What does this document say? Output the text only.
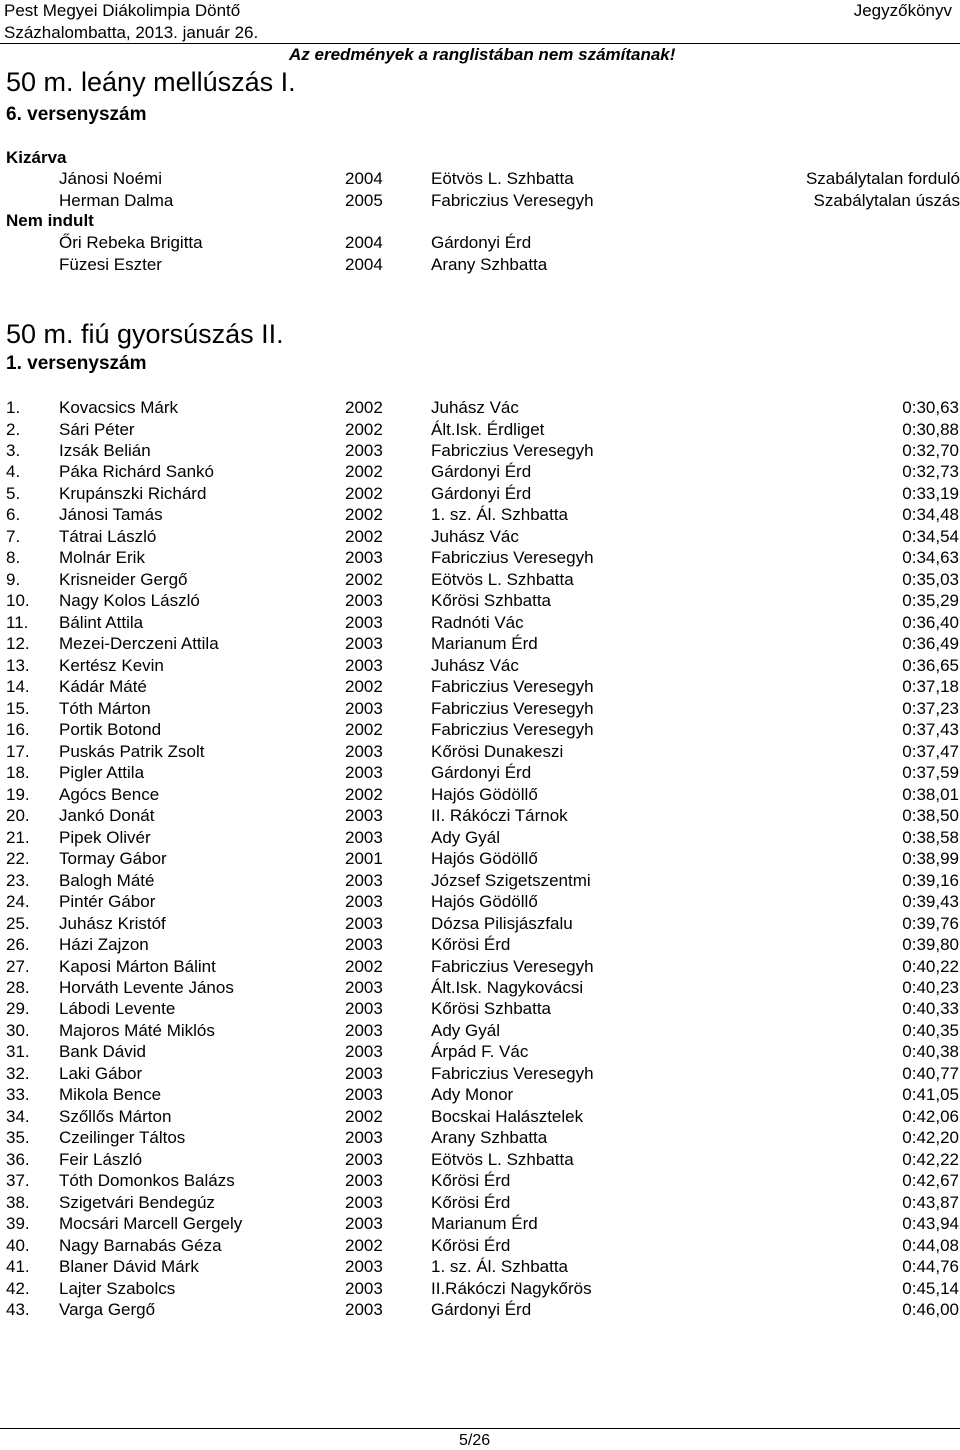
Pest Megyei Diákolimpia Döntő
Százhalombatta, 2013. január 26.
Jegyzőkönyv
Az eredmények a ranglistában nem számítanak!
50 m. leány mellúszás I.
6. versenyszám
Kizárva
Jánosi Noémi	2004	Eötvös L. Szhbatta	Szabálytalan forduló
Herman Dalma	2005	Fabriczius Veresegyh	Szabálytalan úszás
Nem indult
Őri Rebeka Brigitta	2004	Gárdonyi Érd
Füzesi Eszter	2004	Arany Szhbatta
50 m. fiú gyorsúszás II.
1. versenyszám
1. Kovacsics Márk	2002	Juhász Vác	0:30,63
2. Sári Péter	2002	Ált.Isk. Érdliget	0:30,88
3. Izsák Belián	2003	Fabriczius Veresegyh	0:32,70
4. Páka Richárd Sankó	2002	Gárdonyi Érd	0:32,73
5. Krupánszki Richárd	2002	Gárdonyi Érd	0:33,19
6. Jánosi Tamás	2002	1. sz. Ál. Szhbatta	0:34,48
7. Tátrai László	2002	Juhász Vác	0:34,54
8. Molnár Erik	2003	Fabriczius Veresegyh	0:34,63
9. Krisneider Gergő	2002	Eötvös L. Szhbatta	0:35,03
10. Nagy Kolos László	2003	Kőrösi Szhbatta	0:35,29
11. Bálint Attila	2003	Radnóti Vác	0:36,40
12. Mezei-Derczeni Attila	2003	Marianum Érd	0:36,49
13. Kertész Kevin	2003	Juhász Vác	0:36,65
14. Kádár Máté	2002	Fabriczius Veresegyh	0:37,18
15. Tóth Márton	2003	Fabriczius Veresegyh	0:37,23
16. Portik Botond	2002	Fabriczius Veresegyh	0:37,43
17. Puskás Patrik Zsolt	2003	Kőrösi Dunakeszi	0:37,47
18. Pigler Attila	2003	Gárdonyi Érd	0:37,59
19. Agócs Bence	2002	Hajós Gödöllő	0:38,01
20. Jankó Donát	2003	II. Rákóczi Tárnok	0:38,50
21. Pipek Olivér	2003	Ady Gyál	0:38,58
22. Tormay Gábor	2001	Hajós Gödöllő	0:38,99
23. Balogh Máté	2003	József Szigetszentmi	0:39,16
24. Pintér Gábor	2003	Hajós Gödöllő	0:39,43
25. Juhász Kristóf	2003	Dózsa Pilisjászfalu	0:39,76
26. Házi Zajzon	2003	Kőrösi Érd	0:39,80
27. Kaposi Márton Bálint	2002	Fabriczius Veresegyh	0:40,22
28. Horváth Levente János	2003	Ált.Isk. Nagykovácsi	0:40,23
29. Lábodi Levente	2003	Kőrösi Szhbatta	0:40,33
30. Majoros Máté Miklós	2003	Ady Gyál	0:40,35
31. Bank Dávid	2003	Árpád F. Vác	0:40,38
32. Laki Gábor	2003	Fabriczius Veresegyh	0:40,77
33. Mikola Bence	2003	Ady Monor	0:41,05
34. Szőllős Márton	2002	Bocskai Halásztelek	0:42,06
35. Czeilinger Táltos	2003	Arany Szhbatta	0:42,20
36. Feir László	2003	Eötvös L. Szhbatta	0:42,22
37. Tóth Domonkos Balázs	2003	Kőrösi Érd	0:42,67
38. Szigetvári Bendegúz	2003	Kőrösi Érd	0:43,87
39. Mocsári Marcell Gergely	2003	Marianum Érd	0:43,94
40. Nagy Barnabás Géza	2002	Kőrösi Érd	0:44,08
41. Blaner Dávid Márk	2003	1. sz. Ál. Szhbatta	0:44,76
42. Lajter Szabolcs	2003	II.Rákóczi Nagykőrös	0:45,14
43. Varga Gergő	2003	Gárdonyi Érd	0:46,00
5/26
